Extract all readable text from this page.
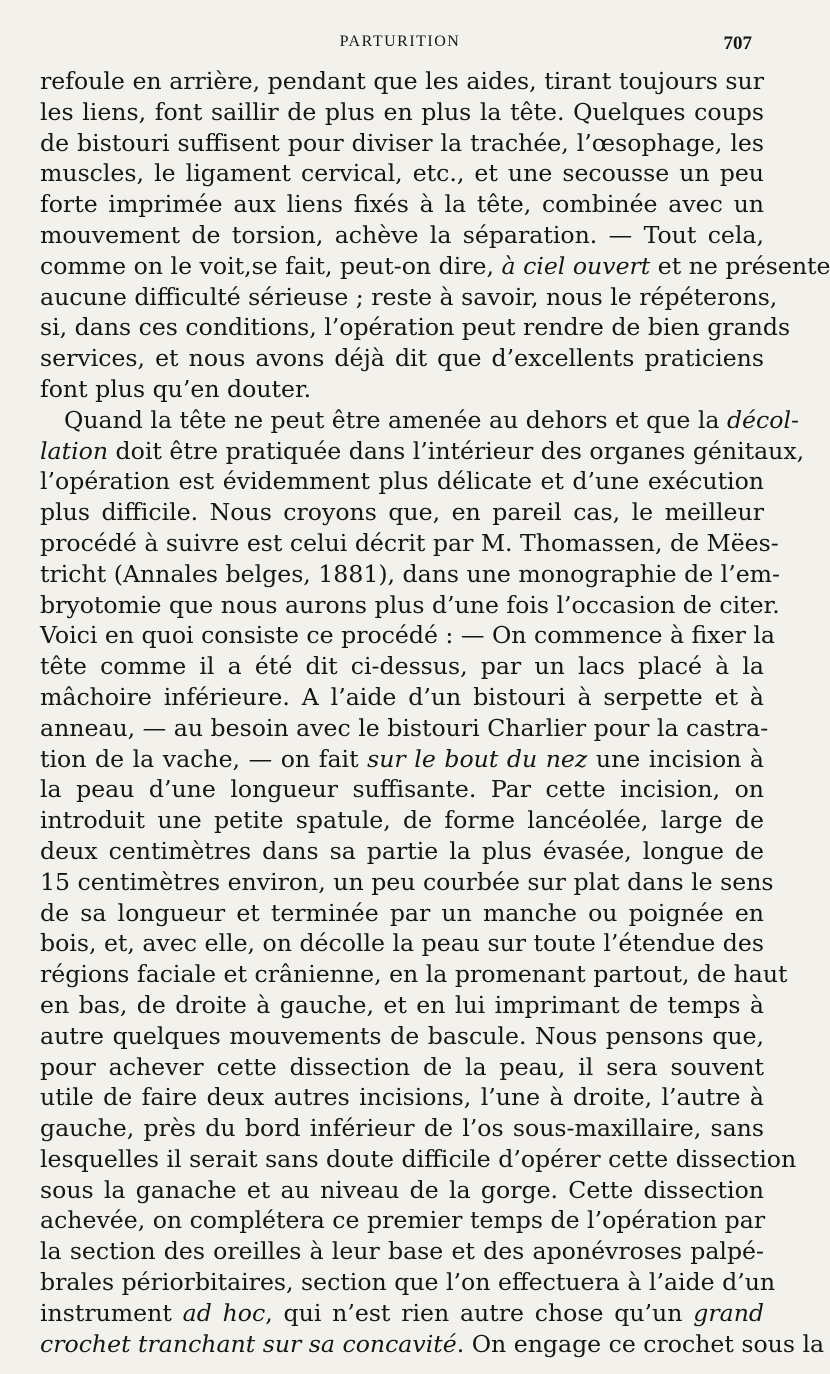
PARTURITION	707
refoule en arrière, pendant que les aides, tirant toujours sur
les liens, font saillir de plus en plus la tête. Quelques coups
de bistouri suffisent pour diviser la trachée, l’œsophage, les
muscles, le ligament cervical, etc., et une secousse un peu
forte imprimée aux liens fixés à la tête, combinée avec un
mouvement de torsion, achève la séparation. — Tout cela,
comme on le voit,se fait, peut-on dire, à ciel ouvert et ne présente
aucune difficulté sérieuse ; reste à savoir, nous le répéterons,
si, dans ces conditions, l’opération peut rendre de bien grands
services, et nous avons déjà dit que d’excellents praticiens
font plus qu’en douter.
Quand la tête ne peut être amenée au dehors et que la décol-
lation doit être pratiquée dans l’intérieur des organes génitaux,
l’opération est évidemment plus délicate et d’une exécution
plus difficile. Nous croyons que, en pareil cas, le meilleur
procédé à suivre est celui décrit par M. Thomassen, de Mëes-
tricht (Annales belges, 1881), dans une monographie de l’em-
bryotomie que nous aurons plus d’une fois l’occasion de citer.
Voici en quoi consiste ce procédé : — On commence à fixer la
tête comme il a été dit ci-dessus, par un lacs placé à la
mâchoire inférieure. A l’aide d’un bistouri à serpette et à
anneau, — au besoin avec le bistouri Charlier pour la castra-
tion de la vache, — on fait sur le bout du nez une incision à
la peau d’une longueur suffisante. Par cette incision, on
introduit une petite spatule, de forme lancéolée, large de
deux centimètres dans sa partie la plus évasée, longue de
15 centimètres environ, un peu courbée sur plat dans le sens
de sa longueur et terminée par un manche ou poignée en
bois, et, avec elle, on décolle la peau sur toute l’étendue des
régions faciale et crânienne, en la promenant partout, de haut
en bas, de droite à gauche, et en lui imprimant de temps à
autre quelques mouvements de bascule. Nous pensons que,
pour achever cette dissection de la peau, il sera souvent
utile de faire deux autres incisions, l’une à droite, l’autre à
gauche, près du bord inférieur de l’os sous-maxillaire, sans
lesquelles il serait sans doute difficile d’opérer cette dissection
sous la ganache et au niveau de la gorge. Cette dissection
achevée, on complétera ce premier temps de l’opération par
la section des oreilles à leur base et des aponévroses palpé-
brales périorbitaires, section que l’on effectuera à l’aide d’un
instrument ad hoc, qui n’est rien autre chose qu’un grand
crochet tranchant sur sa concavité. On engage ce crochet sous la
